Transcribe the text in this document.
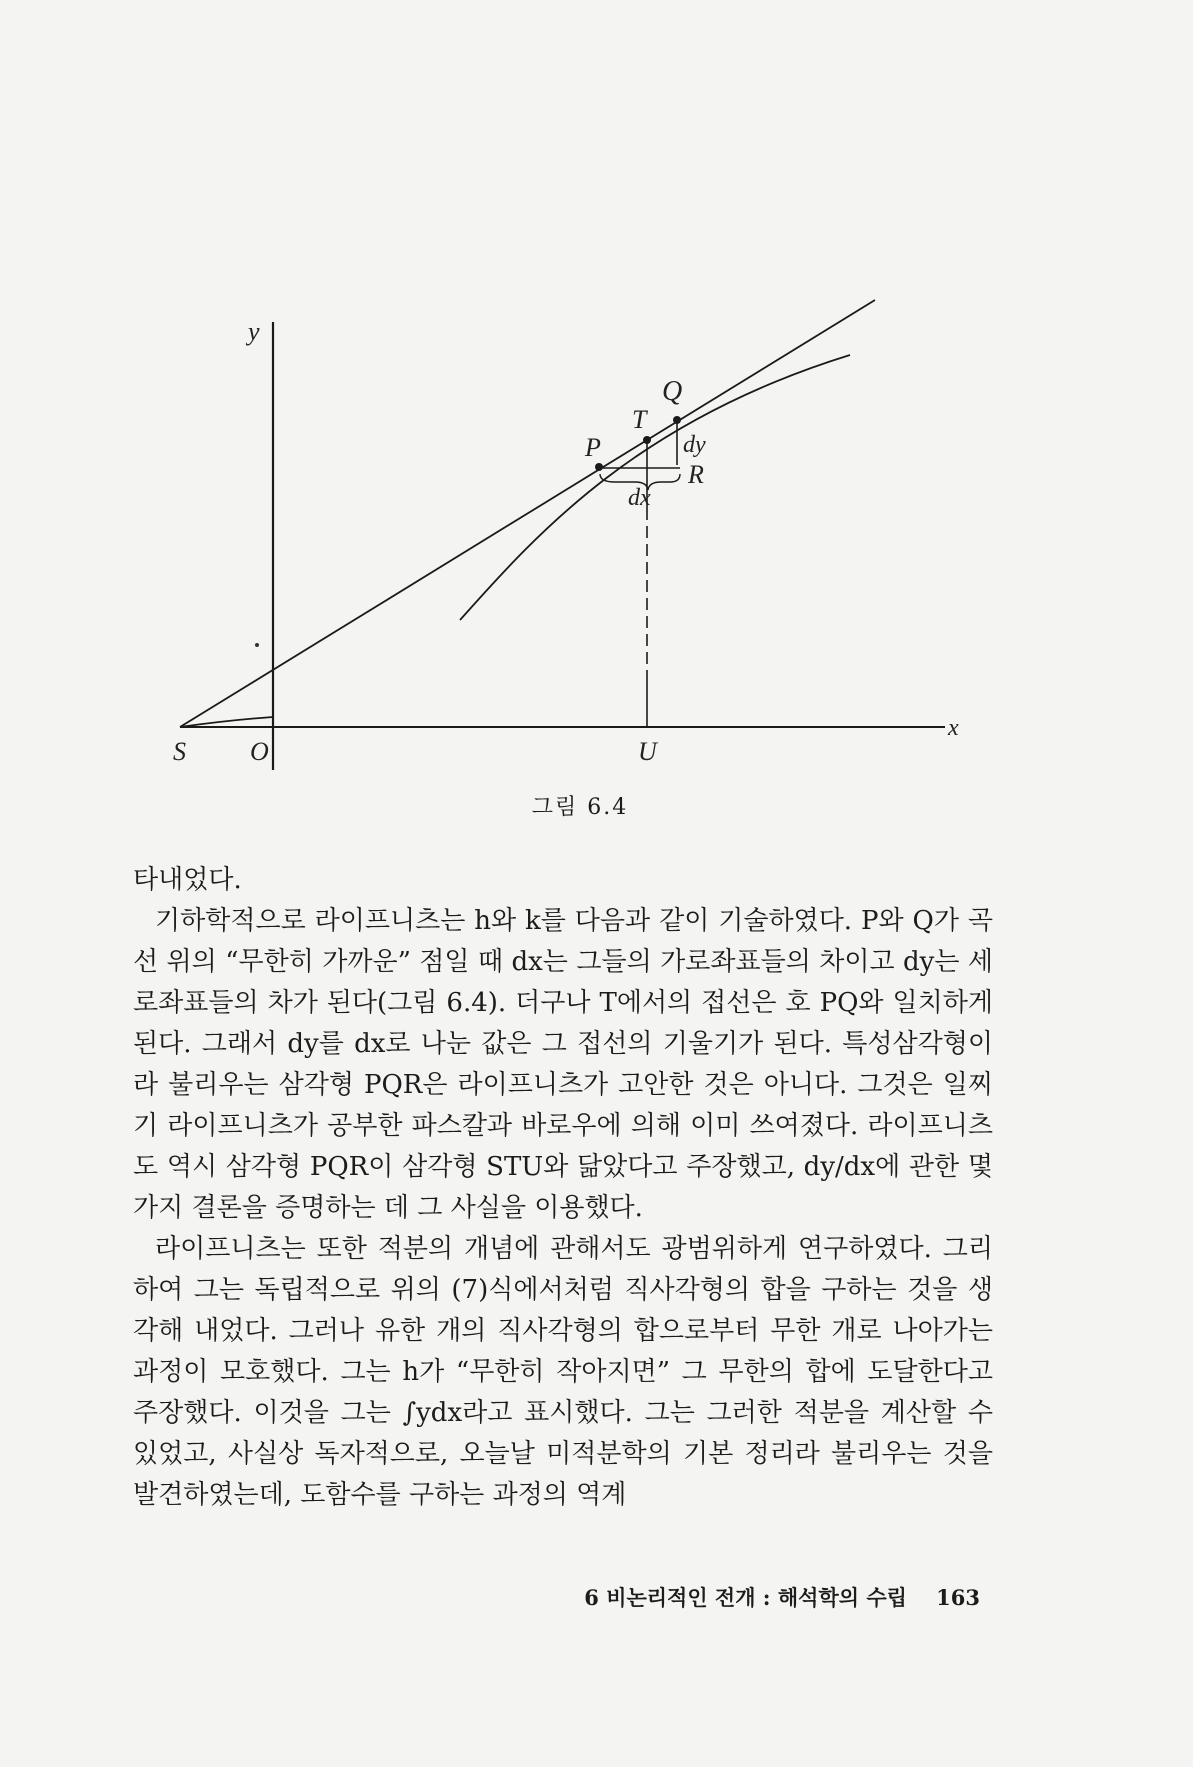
y
Q
T
P	dy
R
dx
S O	U
x
그림 6.4

타내었다.

기하학적으로 라이프니츠는 h와 k를 다음과 같이 기술하였다. P와 Q가 곡선 위의 “무한히 가까운” 점일 때 dx는 그들의 가로좌표들의 차이고 dy는 세로좌표들의 차가 된다(그림 6.4). 더구나 T에서의 접선은 호 PQ와 일치하게 된다. 그래서 dy를 dx로 나눈 값은 그 접선의 기울기가 된다. 특성삼각형이라 불리우는 삼각형 PQR은 라이프니츠가 고안한 것은 아니다. 그것은 일찌기 라이프니츠가 공부한 파스칼과 바로우에 의해 이미 쓰여졌다. 라이프니츠도 역시 삼각형 PQR이 삼각형 STU와 닮았다고 주장했고, dy/dx에 관한 몇 가지 결론을 증명하는 데 그 사실을 이용했다.

라이프니츠는 또한 적분의 개념에 관해서도 광범위하게 연구하였다. 그리하여 그는 독립적으로 위의 (7)식에서처럼 직사각형의 합을 구하는 것을 생각해 내었다. 그러나 유한 개의 직사각형의 합으로부터 무한 개로 나아가는 과정이 모호했다. 그는 h가 “무한히 작아지면” 그 무한의 합에 도달한다고 주장했다. 이것을 그는 ∫ydx라고 표시했다. 그는 그러한 적분을 계산할 수 있었고, 사실상 독자적으로, 오늘날 미적분학의 기본 정리라 불리우는 것을 발견하였는데, 도함수를 구하는 과정의 역계

6 비논리적인 전개 : 해석학의 수립 163
